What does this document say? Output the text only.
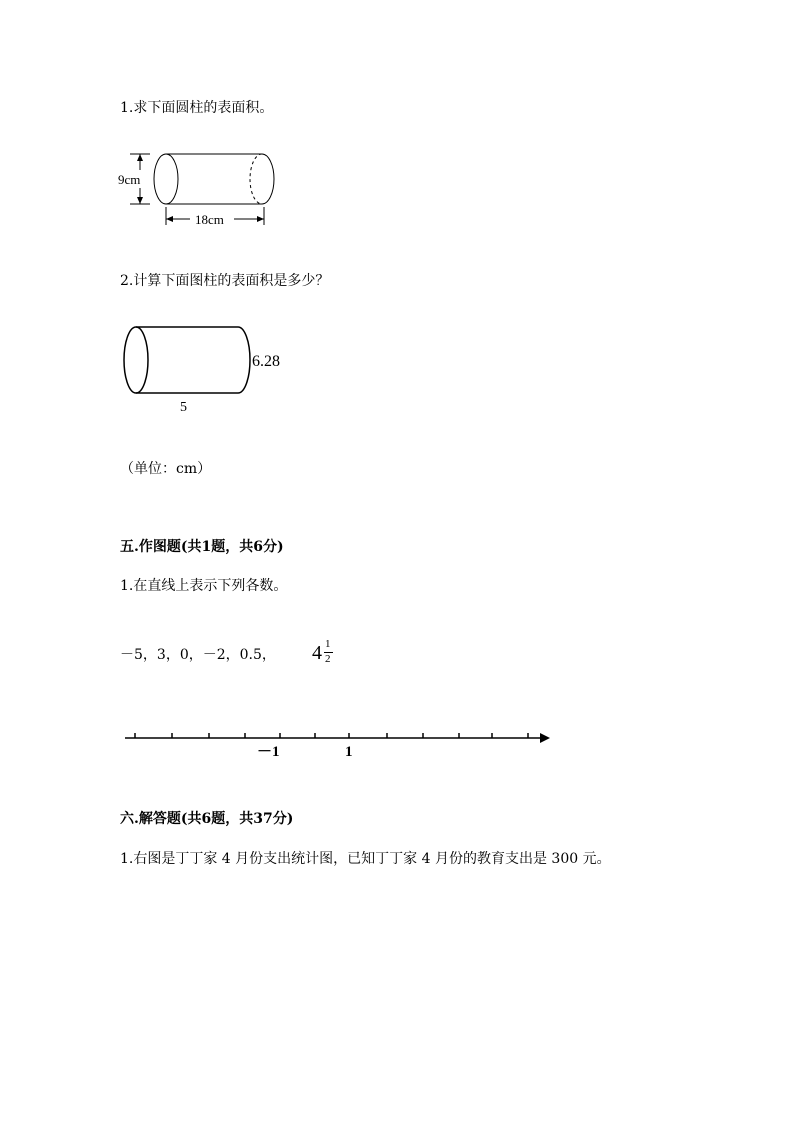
1.求下面圆柱的表面积。
9cm
18cm
2.计算下面图柱的表面积是多少？
6.28
5
（单位：cm）
五.作图题(共1题，共6分)
1.在直线上表示下列各数。
－5，3，0，－2，0.5， 4 1
2
－1	1
六.解答题(共6题，共37分)
1.右图是丁丁家 4 月份支出统计图，已知丁丁家 4 月份的教育支出是 300 元。
